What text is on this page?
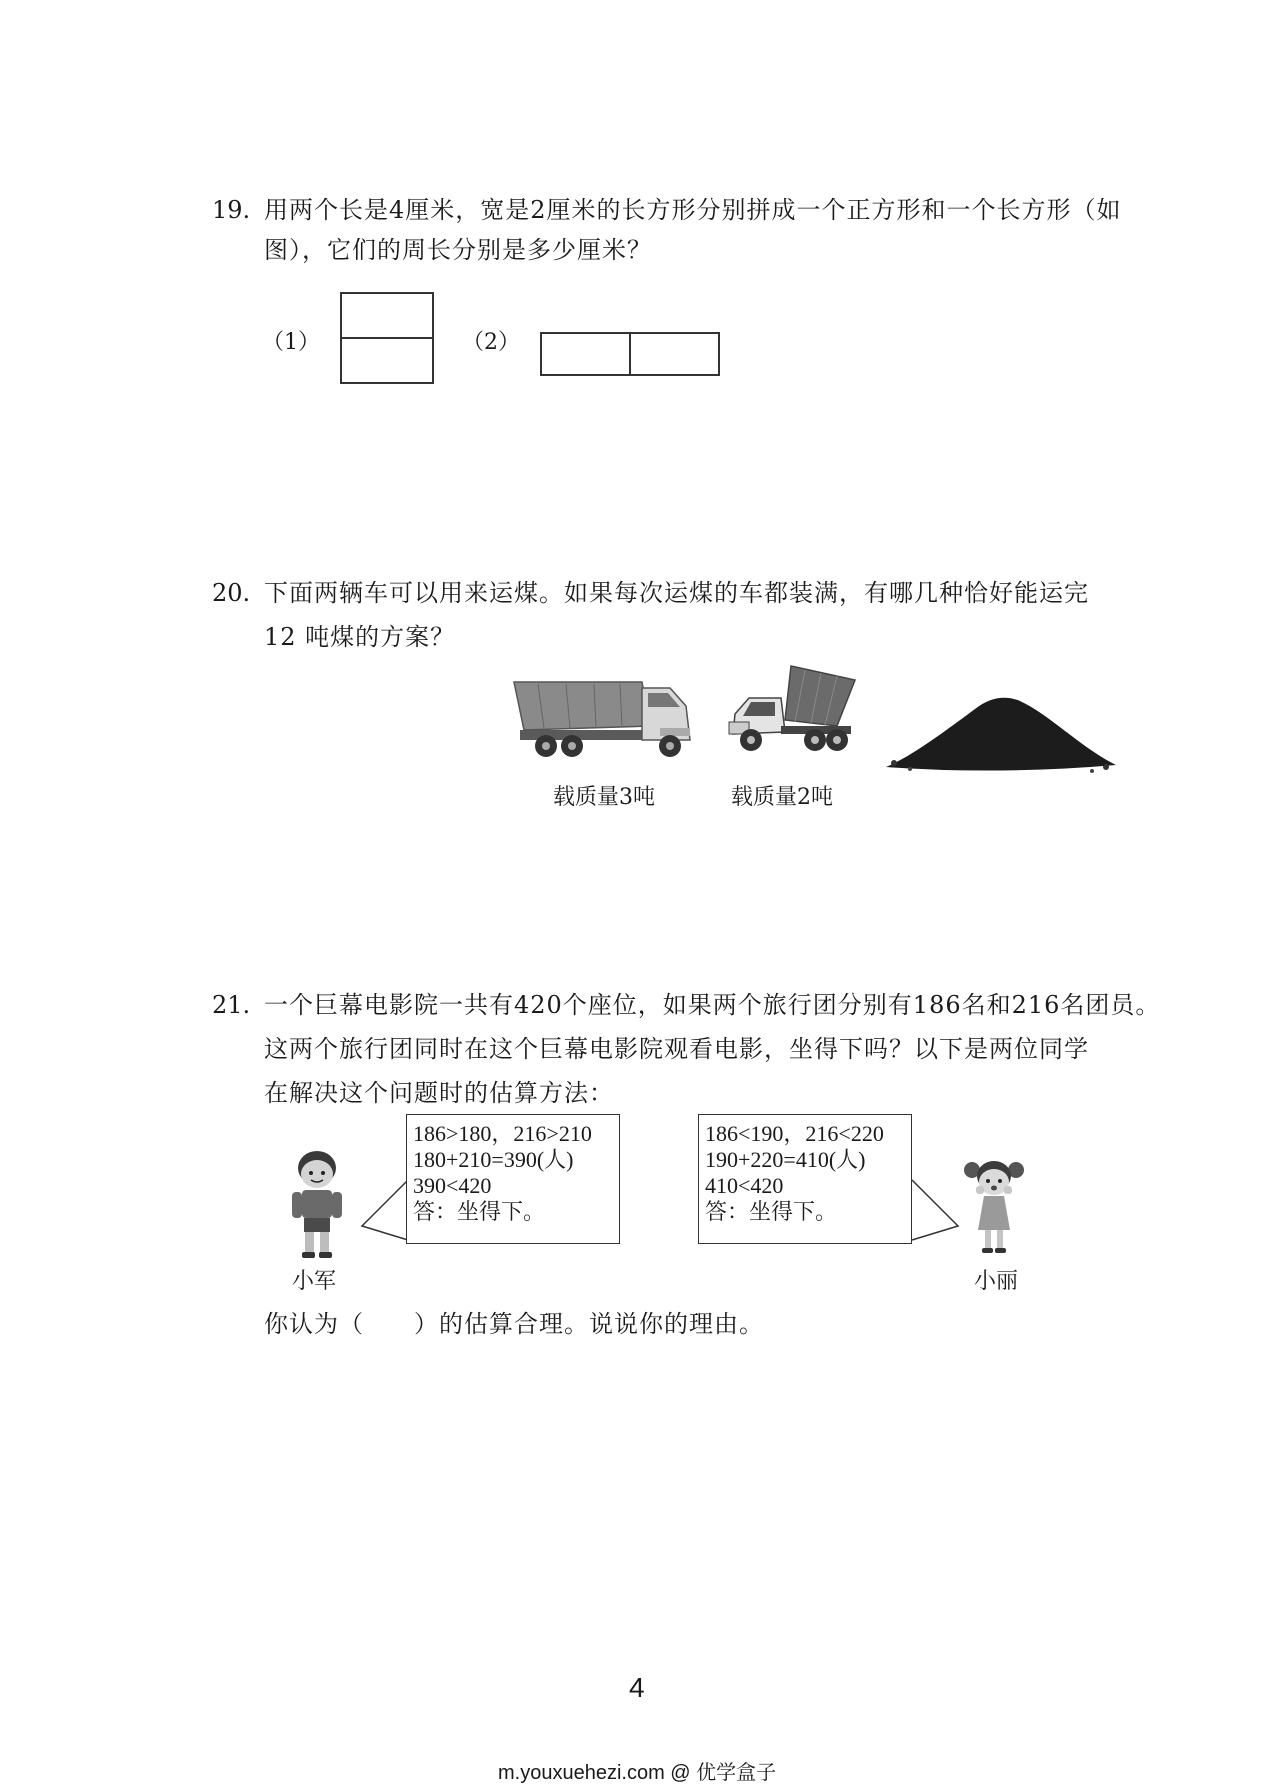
19. 用两个长是4厘米，宽是2厘米的长方形分别拼成一个正方形和一个长方形（如
图），它们的周长分别是多少厘米？
（1）	（2）
20. 下面两辆车可以用来运煤。如果每次运煤的车都装满，有哪几种恰好能运完
12 吨煤的方案？
载质量3吨	载质量2吨
21. 一个巨幕电影院一共有420个座位，如果两个旅行团分别有186名和216名团员。
这两个旅行团同时在这个巨幕电影院观看电影，坐得下吗？以下是两位同学
在解决这个问题时的估算方法：
小军
186>180，216>210
180+210=390(人)
390<420
答：坐得下。
186<190，216<220
190+220=410(人)
410<420
答：坐得下。
小丽
你认为（　　）的估算合理。说说你的理由。
4
m.youxuehezi.com @ 优学盒子
